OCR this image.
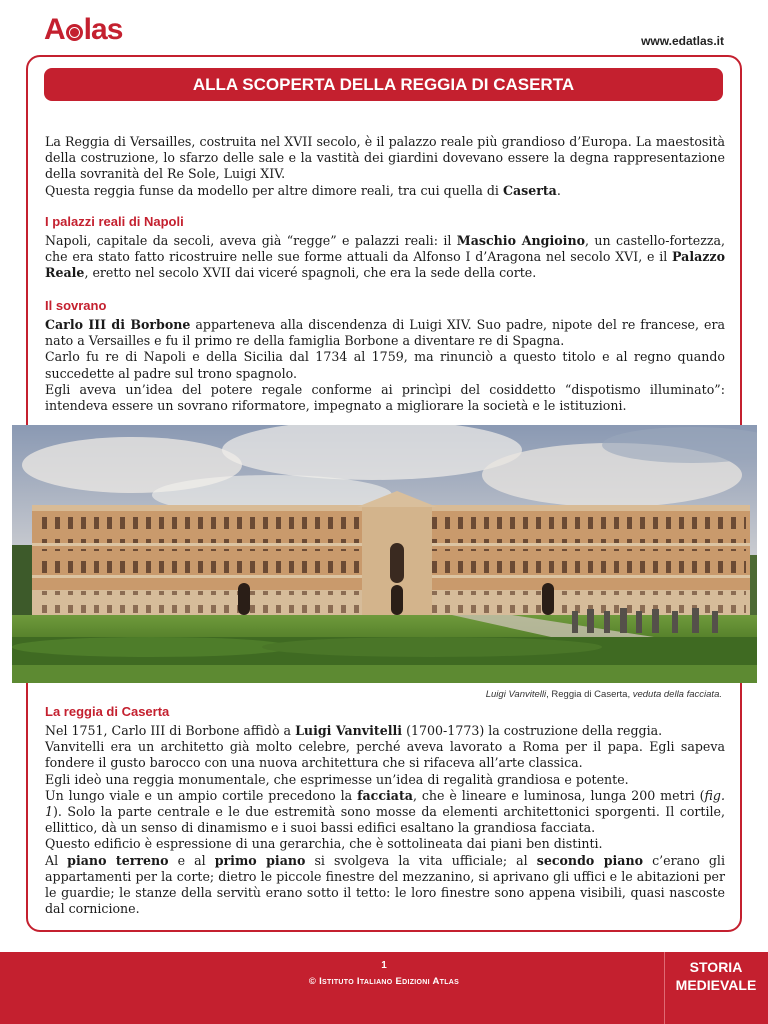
A las	www.edatlas.it
ALLA SCOPERTA DELLA REGGIA DI CASERTA

La Reggia di Versailles, costruita nel XVII secolo, è il palazzo reale più grandioso d’Europa. La maestosità della costruzione, lo sfarzo delle sale e la vastità dei giardini dovevano essere la degna rappresentazione della sovranità del Re Sole, Luigi XIV.

Questa reggia funse da modello per altre dimore reali, tra cui quella di Caserta.

I palazzi reali di Napoli

Napoli, capitale da secoli, aveva già “regge” e palazzi reali: il Maschio Angioino, un castello-fortezza, che era stato fatto ricostruire nelle sue forme attuali da Alfonso I d’Aragona nel secolo XVI, e il Palazzo Reale, eretto nel secolo XVII dai viceré spagnoli, che era la sede della corte.

Il sovrano

Carlo III di Borbone apparteneva alla discendenza di Luigi XIV. Suo padre, nipote del re francese, era nato a Versailles e fu il primo re della famiglia Borbone a diventare re di Spagna.

Carlo fu re di Napoli e della Sicilia dal 1734 al 1759, ma rinunciò a questo titolo e al regno quando succedette al padre sul trono spagnolo.

Egli aveva un’idea del potere regale conforme ai princìpi del cosiddetto “dispotismo illuminato”: intendeva essere un sovrano riformatore, impegnato a migliorare la società e le istituzioni.

Luigi Vanvitelli, Reggia di Caserta, veduta della facciata.
La reggia di Caserta

Nel 1751, Carlo III di Borbone affidò a Luigi Vanvitelli (1700-1773) la costruzione della reggia.

Vanvitelli era un architetto già molto celebre, perché aveva lavorato a Roma per il papa. Egli sapeva fondere il gusto barocco con una nuova architettura che si rifaceva all’arte classica.

Egli ideò una reggia monumentale, che esprimesse un’idea di regalità grandiosa e potente.

Un lungo viale e un ampio cortile precedono la facciata, che è lineare e luminosa, lunga 200 metri (fig. 1). Solo la parte centrale e le due estremità sono mosse da elementi architettonici sporgenti. Il cortile, ellittico, dà un senso di dinamismo e i suoi bassi edifici esaltano la grandiosa facciata.

Questo edificio è espressione di una gerarchia, che è sottolineata dai piani ben distinti.

Al piano terreno e al primo piano si svolgeva la vita ufficiale; al secondo piano c’erano gli appartamenti per la corte; dietro le piccole finestre del mezzanino, si aprivano gli uffici e le abitazioni per le guardie; le stanze della servitù erano sotto il tetto: le loro finestre sono appena visibili, quasi nascoste dal cornicione.

1
© Istituto Italiano Edizioni Atlas
STORIA
MEDIEVALE
